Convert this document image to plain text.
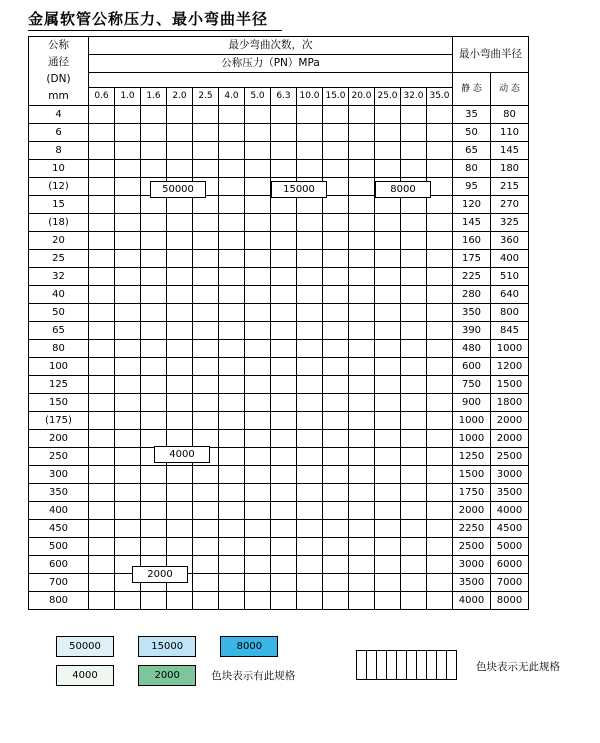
金属软管公称压力、最小弯曲半径
公称
通径
(DN)
mm	最少弯曲次数，次														最小弯曲半径	
	公称压力（PN）MPa															
															静 态	动 态
	0.6	1.0	1.6	2.0	2.5	4.0	5.0	6.3	10.0	15.0	20.0	25.0	32.0	35.0		
4															35	80
6															50	110
8															65	145
10															80	180
(12)															95	215
15															120	270
(18)															145	325
20															160	360
25															175	400
32															225	510
40															280	640
50															350	800
65															390	845
80															480	1000
100															600	1200
125															750	1500
150															900	1800
(175)															1000	2000
200															1000	2000
250															1250	2500
300															1500	3000
350															1750	3500
400															2000	4000
450															2250	4500
500															2500	5000
600															3000	6000
700															3500	7000
800															4000	8000
50000	15000	8000
4000
2000
50000	15000	8000
4000	2000	色块表示有此规格

色块表示无此规格
